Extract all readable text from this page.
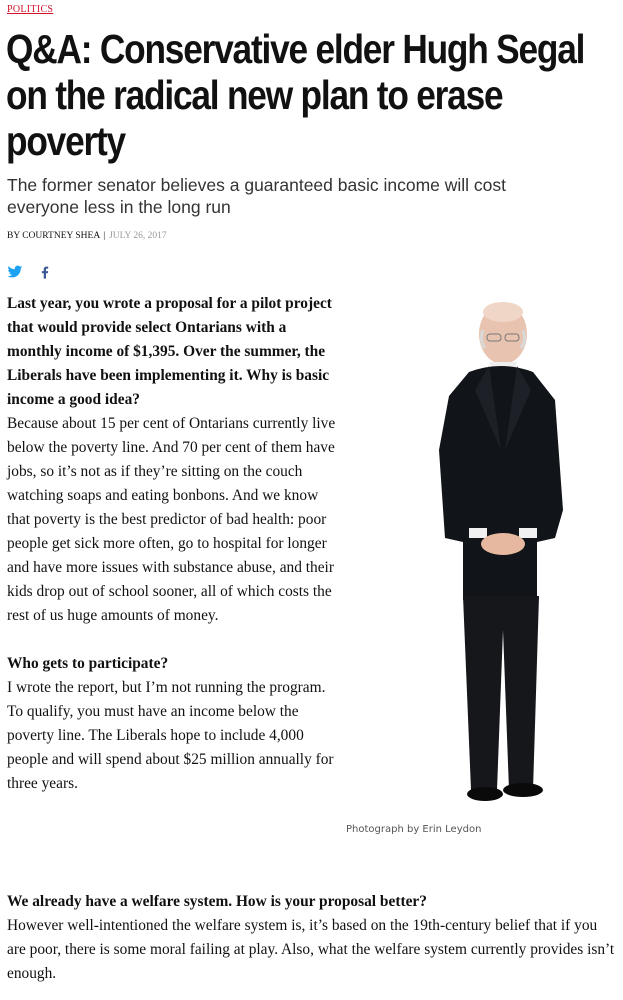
POLITICS
Q&A: Conservative elder Hugh Segal on the radical new plan to erase poverty

The former senator believes a guaranteed basic income will cost everyone less in the long run

BY COURTNEY SHEA | JULY 26, 2017

Last year, you wrote a proposal for a pilot project that would provide select Ontarians with a monthly income of $1,395. Over the summer, the Liberals have been implementing it. Why is basic income a good idea?

Because about 15 per cent of Ontarians currently live below the poverty line. And 70 per cent of them have jobs, so it’s not as if they’re sitting on the couch watching soaps and eating bonbons. And we know that poverty is the best predictor of bad health: poor people get sick more often, go to hospital for longer and have more issues with substance abuse, and their kids drop out of school sooner, all of which costs the rest of us huge amounts of money.

Who gets to participate?

I wrote the report, but I’m not running the program. To qualify, you must have an income below the poverty line. The Liberals hope to include 4,000 people and will spend about $25 million annually for three years.

Photograph by Erin Leydon

We already have a welfare system. How is your proposal better?

However well-intentioned the welfare system is, it’s based on the 19th-century belief that if you are poor, there is some moral failing at play. Also, what the welfare system currently provides isn’t enough.
